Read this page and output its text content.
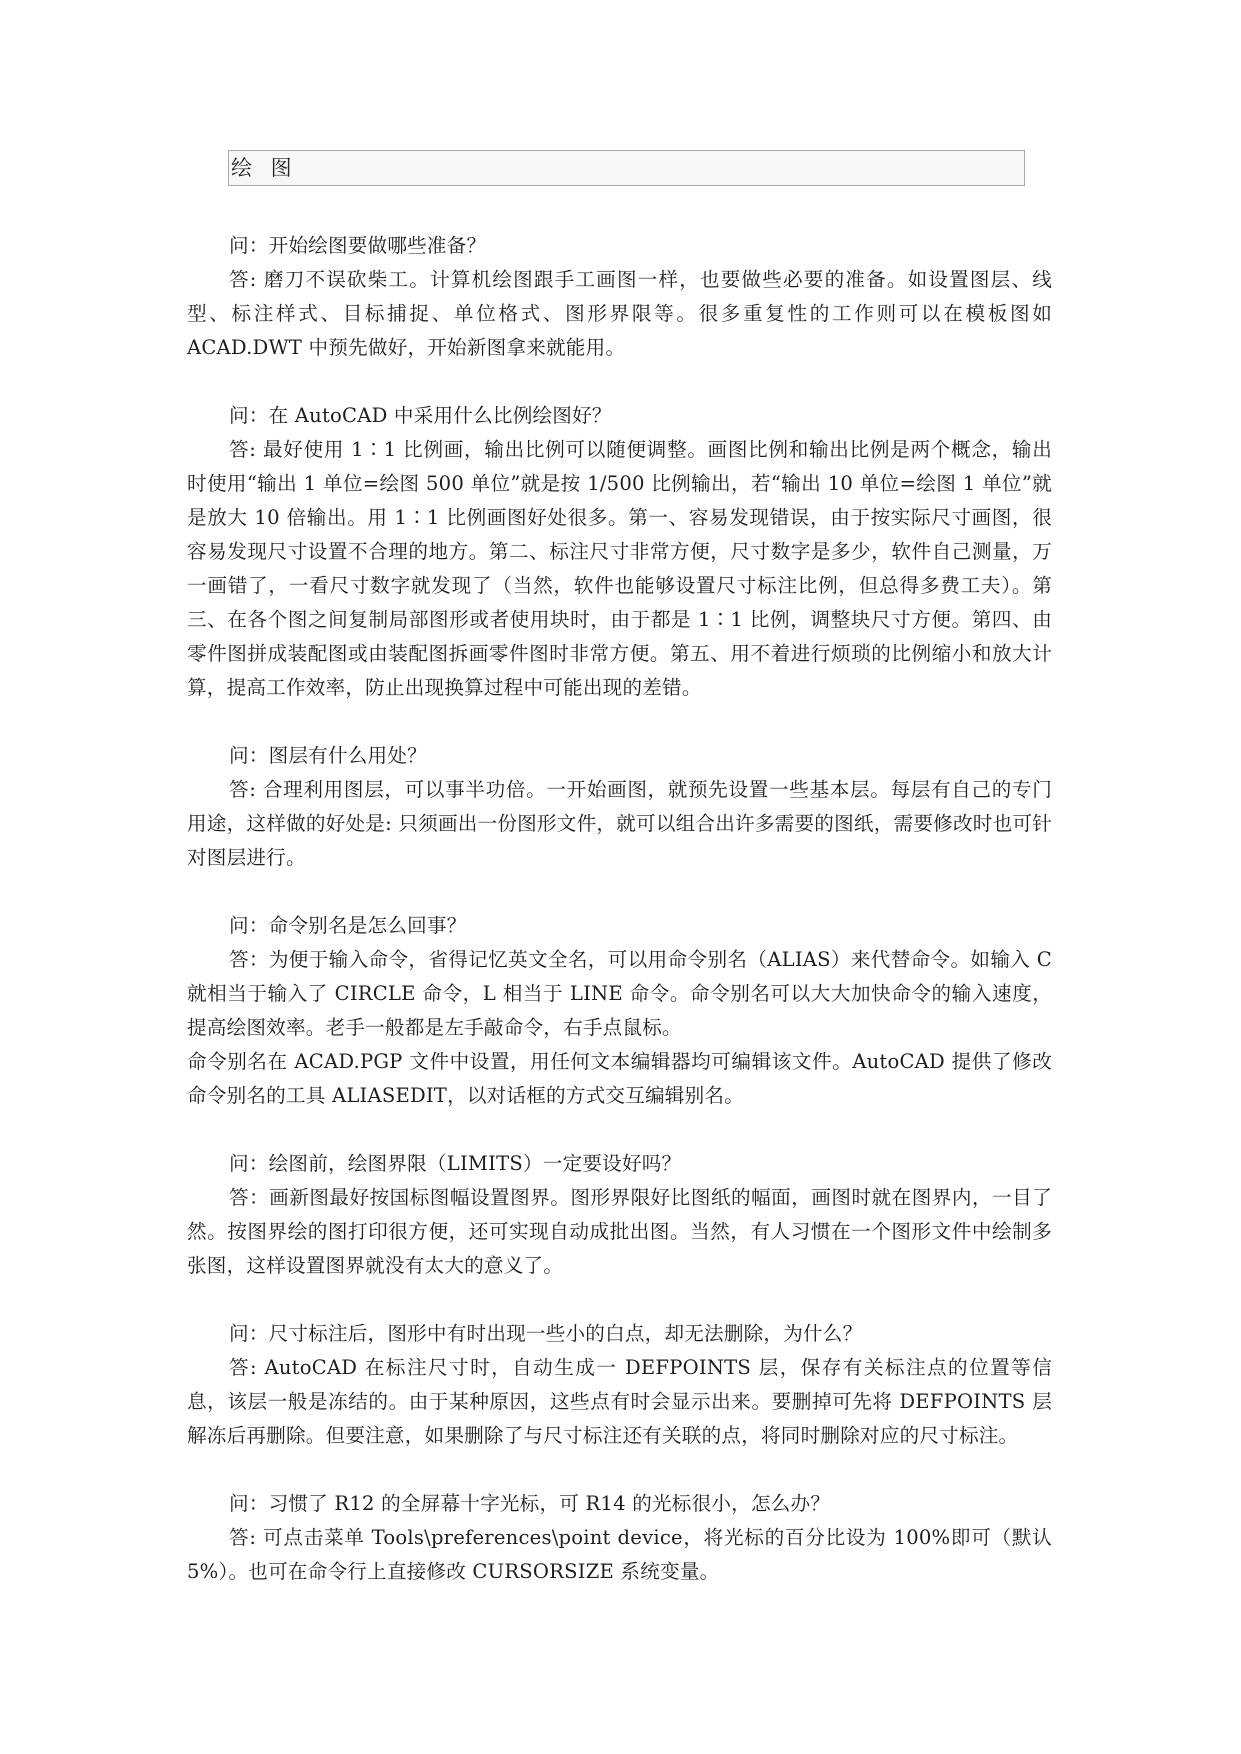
绘 图

问：开始绘图要做哪些准备？

答: 磨刀不误砍柴工。计算机绘图跟手工画图一样，也要做些必要的准备。如设置图层、线型、标注样式、目标捕捉、单位格式、图形界限等。很多重复性的工作则可以在模板图如 ACAD.DWT 中预先做好，开始新图拿来就能用。

问：在 AutoCAD 中采用什么比例绘图好？

答: 最好使用 1∶1 比例画，输出比例可以随便调整。画图比例和输出比例是两个概念，输出时使用“输出 1 单位=绘图 500 单位”就是按 1/500 比例输出，若“输出 10 单位=绘图 1 单位”就是放大 10 倍输出。用 1∶1 比例画图好处很多。第一、容易发现错误，由于按实际尺寸画图，很容易发现尺寸设置不合理的地方。第二、标注尺寸非常方便，尺寸数字是多少，软件自己测量，万一画错了，一看尺寸数字就发现了（当然，软件也能够设置尺寸标注比例，但总得多费工夫）。第三、在各个图之间复制局部图形或者使用块时，由于都是 1∶1 比例，调整块尺寸方便。第四、由零件图拼成装配图或由装配图拆画零件图时非常方便。第五、用不着进行烦琐的比例缩小和放大计算，提高工作效率，防止出现换算过程中可能出现的差错。

问：图层有什么用处？

答: 合理利用图层，可以事半功倍。一开始画图，就预先设置一些基本层。每层有自己的专门用途，这样做的好处是: 只须画出一份图形文件，就可以组合出许多需要的图纸，需要修改时也可针对图层进行。

问：命令别名是怎么回事？

答：为便于输入命令，省得记忆英文全名，可以用命令别名（ALIAS）来代替命令。如输入 C 就相当于输入了 CIRCLE 命令，L 相当于 LINE 命令。命令别名可以大大加快命令的输入速度，提高绘图效率。老手一般都是左手敲命令，右手点鼠标。

命令别名在 ACAD.PGP 文件中设置，用任何文本编辑器均可编辑该文件。AutoCAD 提供了修改命令别名的工具 ALIASEDIT，以对话框的方式交互编辑别名。

问：绘图前，绘图界限（LIMITS）一定要设好吗？

答：画新图最好按国标图幅设置图界。图形界限好比图纸的幅面，画图时就在图界内，一目了然。按图界绘的图打印很方便，还可实现自动成批出图。当然，有人习惯在一个图形文件中绘制多张图，这样设置图界就没有太大的意义了。

问：尺寸标注后，图形中有时出现一些小的白点，却无法删除，为什么？

答: AutoCAD 在标注尺寸时，自动生成一 DEFPOINTS 层，保存有关标注点的位置等信息，该层一般是冻结的。由于某种原因，这些点有时会显示出来。要删掉可先将 DEFPOINTS 层解冻后再删除。但要注意，如果删除了与尺寸标注还有关联的点，将同时删除对应的尺寸标注。

问：习惯了 R12 的全屏幕十字光标，可 R14 的光标很小，怎么办？

答: 可点击菜单 Tools\preferences\point device，将光标的百分比设为 100%即可（默认 5%）。也可在命令行上直接修改 CURSORSIZE 系统变量。
